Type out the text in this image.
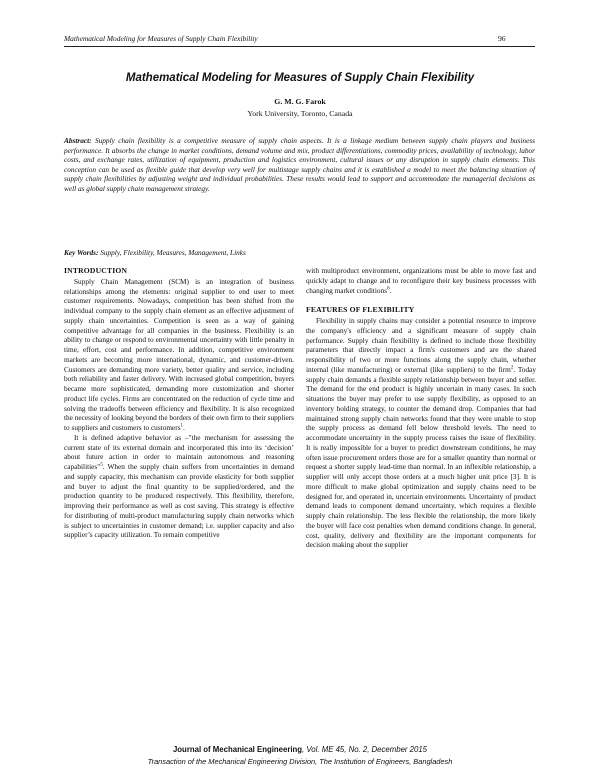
Mathematical Modeling for Measures of Supply Chain Flexibility	96
Mathematical Modeling for Measures of Supply Chain Flexibility
G. M. G. Farok
York University, Toronto, Canada
Abstract: Supply chain flexibility is a competitive measure of supply chain aspects. It is a linkage medium between supply chain players and business performance. It absorbs the change in market conditions, demand volume and mix, product differentiations, commodity prices, availability of technology, labor costs, and exchange rates, utilization of equipment, production and logistics environment, cultural issues or any disruption in supply chain elements. This conception can be used as flexible guide that develop very well for multistage supply chains and it is established a model to meet the balancing situation of supply chain flexibilities by adjusting weight and individual probabilities. These results would lead to support and accommodate the managerial decisions as well as global supply chain management strategy.
Key Words: Supply, Flexibility, Measures, Management, Links
INTRODUCTION

Supply Chain Management (SCM) is an integration of business relationships among the elements: original supplier to end user to meet customer requirements. Nowadays, competition has been shifted from the individual company to the supply chain element as an effective adjustment of supply chain uncertainties. Competition is seen as a way of gaining competitive advantage for all companies in the business. Flexibility is an ability to change or respond to environmental uncertainty with little penalty in time, effort, cost and performance. In addition, competitive environment markets are becoming more international, dynamic, and customer-driven. Customers are demanding more variety, better quality and service, including both reliability and faster delivery. With increased global competition, buyers became more sophisticated, demanding more customization and shorter product life cycles. Firms are concentrated on the reduction of cycle time and solving the tradeoffs between efficiency and flexibility. It is also recognized the necessity of looking beyond the borders of their own firm to their suppliers to suppliers and customers to customers$^1$.

It is defined adaptive behavior as –"the mechanism for assessing the current state of its external domain and incorporated this into its ‘decision’ about future action in order to maintain autonomous and reasoning capabilities"$^5$. When the supply chain suffers from uncertainties in demand and supply capacity, this mechanism can provide elasticity for both supplier and buyer to adjust the final quantity to be supplied/ordered, and the production quantity to be produced respectively. This flexibility, therefore, improving their performance as well as cost saving. This strategy is effective for distributing of multi-product manufacturing supply chain networks which is subject to uncertainties in customer demand; i.e. supplier capacity and also supplier’s capacity utilization. To remain competitive

with multiproduct environment, organizations must be able to move fast and quickly adapt to change and to reconfigure their key business processes with changing market conditions$^6$.

FEATURES OF FLEXIBILITY

Flexibility in supply chains may consider a potential resource to improve the company's efficiency and a significant measure of supply chain performance. Supply chain flexibility is defined to include those flexibility parameters that directly impact a firm's customers and are the shared responsibility of two or more functions along the supply chain, whether internal (like manufacturing) or external (like suppliers) to the firm$^2$. Today supply chain demands a flexible supply relationship between buyer and seller. The demand for the end product is highly uncertain in many cases. In such situations the buyer may prefer to use supply flexibility, as opposed to an inventory holding strategy, to counter the demand drop. Companies that had maintained strong supply chain networks found that they were unable to stop the supply process as demand fell below threshold levels. The need to accommodate uncertainty in the supply process raises the issue of flexibility. It is really impossible for a buyer to predict downstream conditions, he may often issue procurement orders those are for a smaller quantity than normal or request a shorter supply lead-time than normal. In an inflexible relationship, a supplier will only accept those orders at a much higher unit price [3]. It is more difficult to make global optimization and supply chains need to be designed for, and operated in, uncertain environments. Uncertainty of product demand leads to component demand uncertainty, which requires a flexible supply chain relationship. The less flexible the relationship, the more likely the buyer will face cost penalties when demand conditions change. In general, cost, quality, delivery and flexibility are the important components for decision making about the supplier

Journal of Mechanical Engineering, Vol. ME 45, No. 2, December 2015
Transaction of the Mechanical Engineering Division, The Institution of Engineers, Bangladesh
